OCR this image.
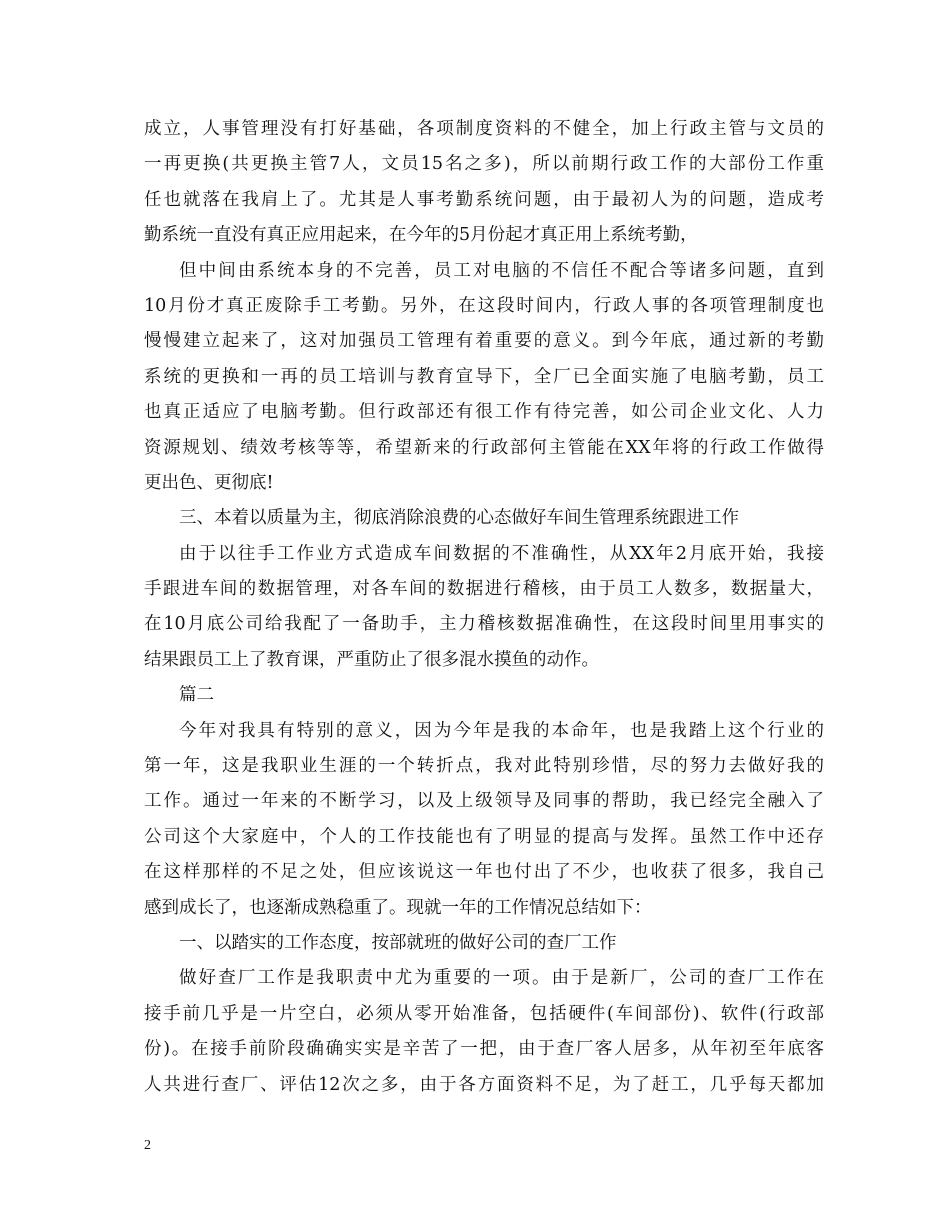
成立，人事管理没有打好基础，各项制度资料的不健全，加上行政主管与文员的
一再更换(共更换主管7人，文员15名之多)，所以前期行政工作的大部份工作重
任也就落在我肩上了。尤其是人事考勤系统问题，由于最初人为的问题，造成考
勤系统一直没有真正应用起来，在今年的5月份起才真正用上系统考勤，
但中间由系统本身的不完善，员工对电脑的不信任不配合等诸多问题，直到
10月份才真正废除手工考勤。另外，在这段时间内，行政人事的各项管理制度也
慢慢建立起来了，这对加强员工管理有着重要的意义。到今年底，通过新的考勤
系统的更换和一再的员工培训与教育宣导下，全厂已全面实施了电脑考勤，员工
也真正适应了电脑考勤。但行政部还有很工作有待完善，如公司企业文化、人力
资源规划、绩效考核等等，希望新来的行政部何主管能在XX年将的行政工作做得
更出色、更彻底!
三、本着以质量为主，彻底消除浪费的心态做好车间生管理系统跟进工作
由于以往手工作业方式造成车间数据的不准确性，从XX年2月底开始，我接
手跟进车间的数据管理，对各车间的数据进行稽核，由于员工人数多，数据量大，
在10月底公司给我配了一备助手，主力稽核数据准确性，在这段时间里用事实的
结果跟员工上了教育课，严重防止了很多混水摸鱼的动作。
篇二
今年对我具有特别的意义，因为今年是我的本命年，也是我踏上这个行业的
第一年，这是我职业生涯的一个转折点，我对此特别珍惜，尽的努力去做好我的
工作。通过一年来的不断学习，以及上级领导及同事的帮助，我已经完全融入了
公司这个大家庭中，个人的工作技能也有了明显的提高与发挥。虽然工作中还存
在这样那样的不足之处，但应该说这一年也付出了不少，也收获了很多，我自己
感到成长了，也逐渐成熟稳重了。现就一年的工作情况总结如下：
一、以踏实的工作态度，按部就班的做好公司的查厂工作
做好查厂工作是我职责中尤为重要的一项。由于是新厂，公司的查厂工作在
接手前几乎是一片空白，必须从零开始准备，包括硬件(车间部份)、软件(行政部
份)。在接手前阶段确确实实是辛苦了一把，由于查厂客人居多，从年初至年底客
人共进行查厂、评估12次之多，由于各方面资料不足，为了赶工，几乎每天都加
2
